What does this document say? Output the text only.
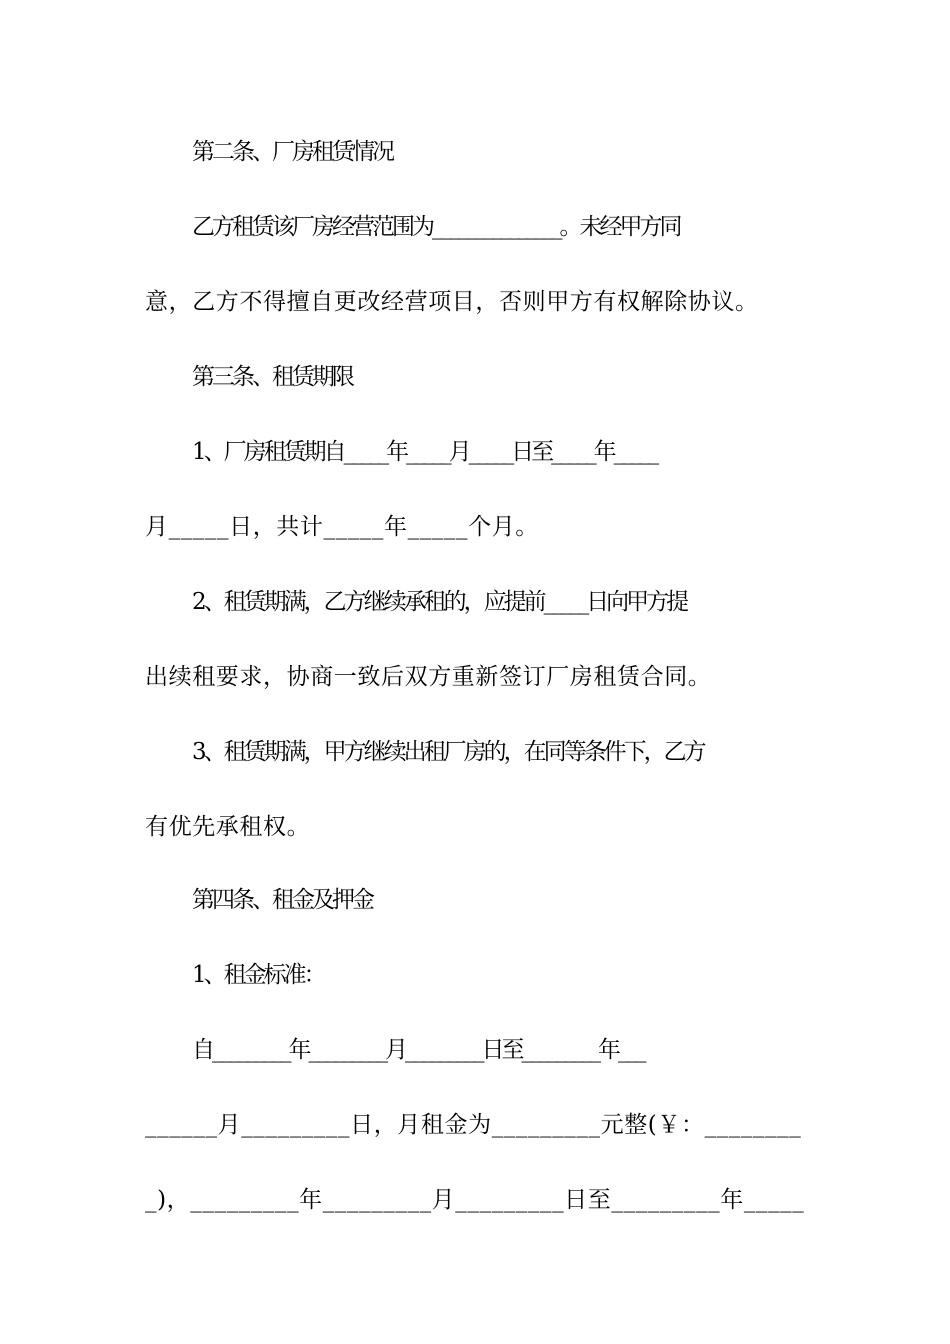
第二条、厂房租赁情况
乙方租赁该厂房经营范围为_______________。未经甲方同
意，乙方不得擅自更改经营项目，否则甲方有权解除协议。
第三条、租赁期限
1、厂房租赁期自_____年_____月_____日至_____年_____
月_____日，共计_____年_____个月。
2、租赁期满，乙方继续承租的，应提前_____日向甲方提
出续租要求，协商一致后双方重新签订厂房租赁合同。
3、租赁期满，甲方继续出租厂房的，在同等条件下，乙方
有优先承租权。
第四条、租金及押金
1、租金标准：
自_________年_________月_________日至_________年___
______月_________日，月租金为_________元整(￥：________
_)，_________年_________月_________日至_________年_____
